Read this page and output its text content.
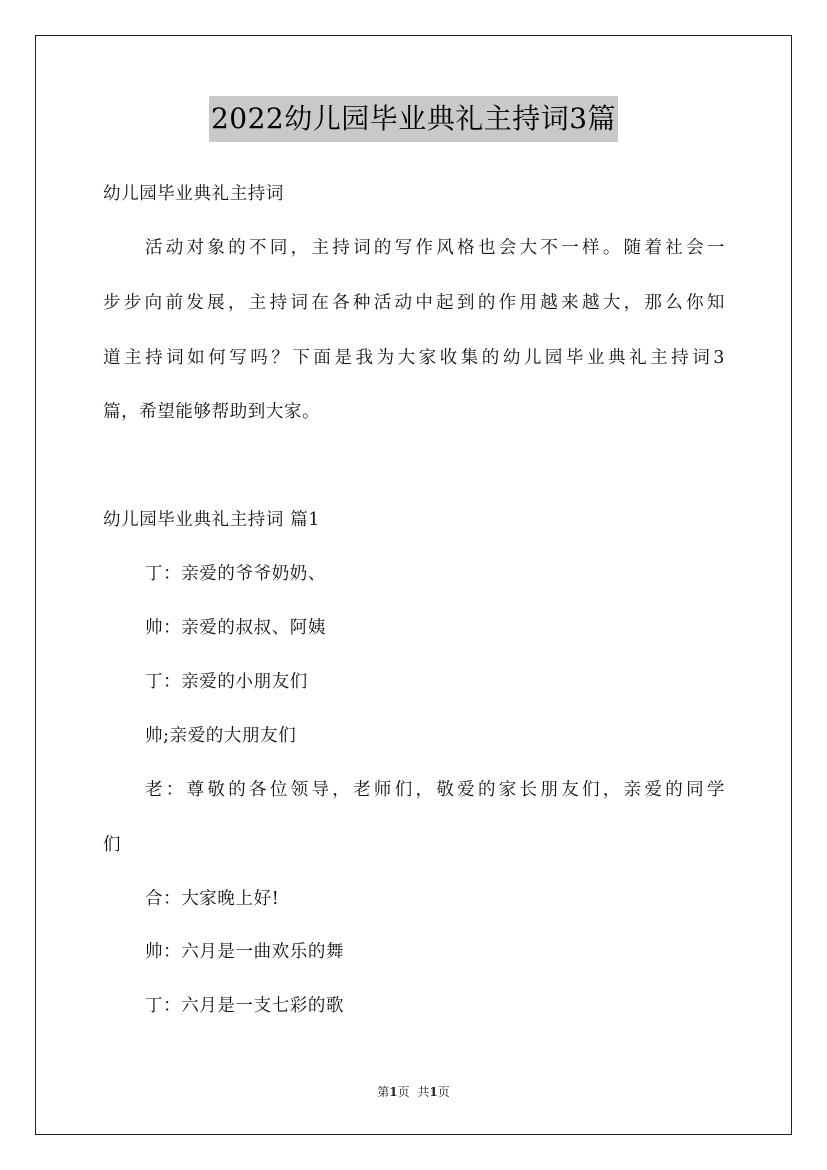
2022幼儿园毕业典礼主持词3篇
幼儿园毕业典礼主持词
活动对象的不同，主持词的写作风格也会大不一样。随着社会一
步步向前发展，主持词在各种活动中起到的作用越来越大，那么你知
道主持词如何写吗？下面是我为大家收集的幼儿园毕业典礼主持词3
篇，希望能够帮助到大家。
幼儿园毕业典礼主持词 篇1
丁：亲爱的爷爷奶奶、
帅：亲爱的叔叔、阿姨
丁：亲爱的小朋友们
帅;亲爱的大朋友们
老：尊敬的各位领导，老师们，敬爱的家长朋友们，亲爱的同学
们
合：大家晚上好!
帅：六月是一曲欢乐的舞
丁：六月是一支七彩的歌
第1页 共1页
